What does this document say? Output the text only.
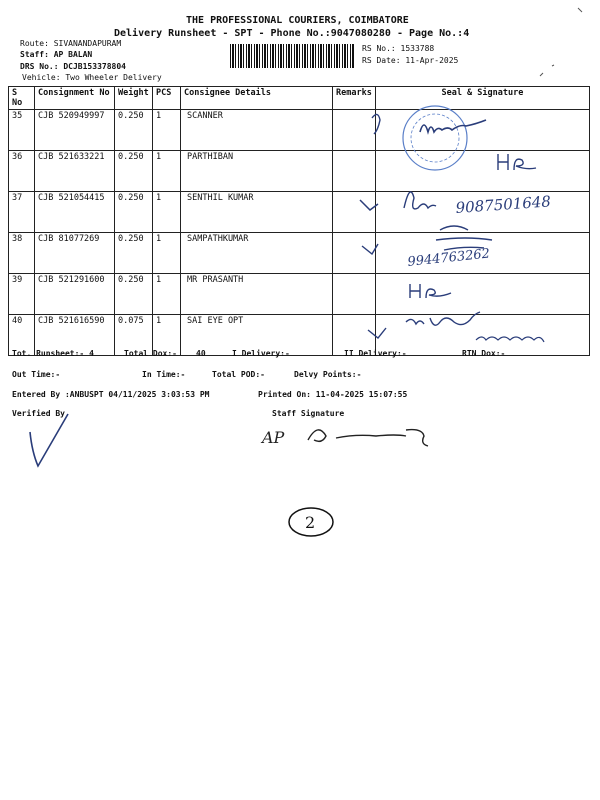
THE PROFESSIONAL COURIERS, COIMBATORE
Delivery Runsheet - SPT - Phone No.:9047080280 - Page No.:4
Route: SIVANANDAPURAM
Staff: AP BALAN
DRS No.: DCJB153378804
Vehicle: Two Wheeler Delivery
RS No.: 1533788
RS Date: 11-Apr-2025
S No	Consignment No	Weight	PCS	Consignee Details	Remarks	Seal & Signature
35	CJB 520949997	0.250	1	SCANNER		
36	CJB 521633221	0.250	1	PARTHIBAN		
37	CJB 521054415	0.250	1	SENTHIL KUMAR		
38	CJB 81077269	0.250	1	SAMPATHKUMAR		
39	CJB 521291600	0.250	1	MR PRASANTH		
40	CJB 521616590	0.075	1	SAI EYE OPT		
Tot. Runsheet:- 4	Total Dox:- 40	I Delivery:-	II Delivery:-	RTN Dox:-
Out Time:-	In Time:-	Total POD:-	Delvy Points:-
Entered By :ANBUSPT 04/11/2025 3:03:53 PM	Printed On: 11-04-2025 15:07:55
Verified By	Staff Signature
9087501648
9944763262
AP
2
